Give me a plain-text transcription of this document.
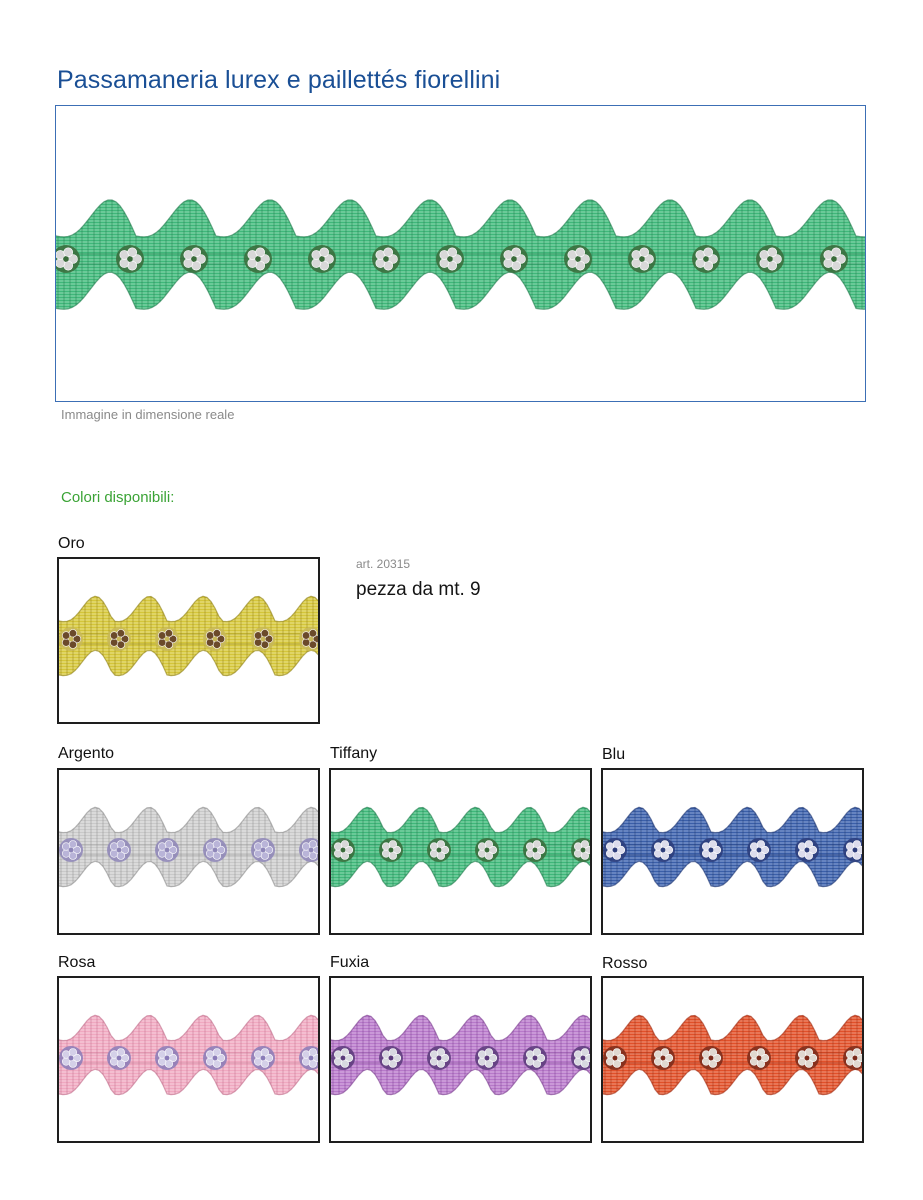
Passamaneria lurex e paillettés fiorellini
Immagine in dimensione reale
Colori disponibili:
Oro
art. 20315
pezza da mt. 9
Argento	Tiffany	Blu
Rosa	Fuxia	Rosso
